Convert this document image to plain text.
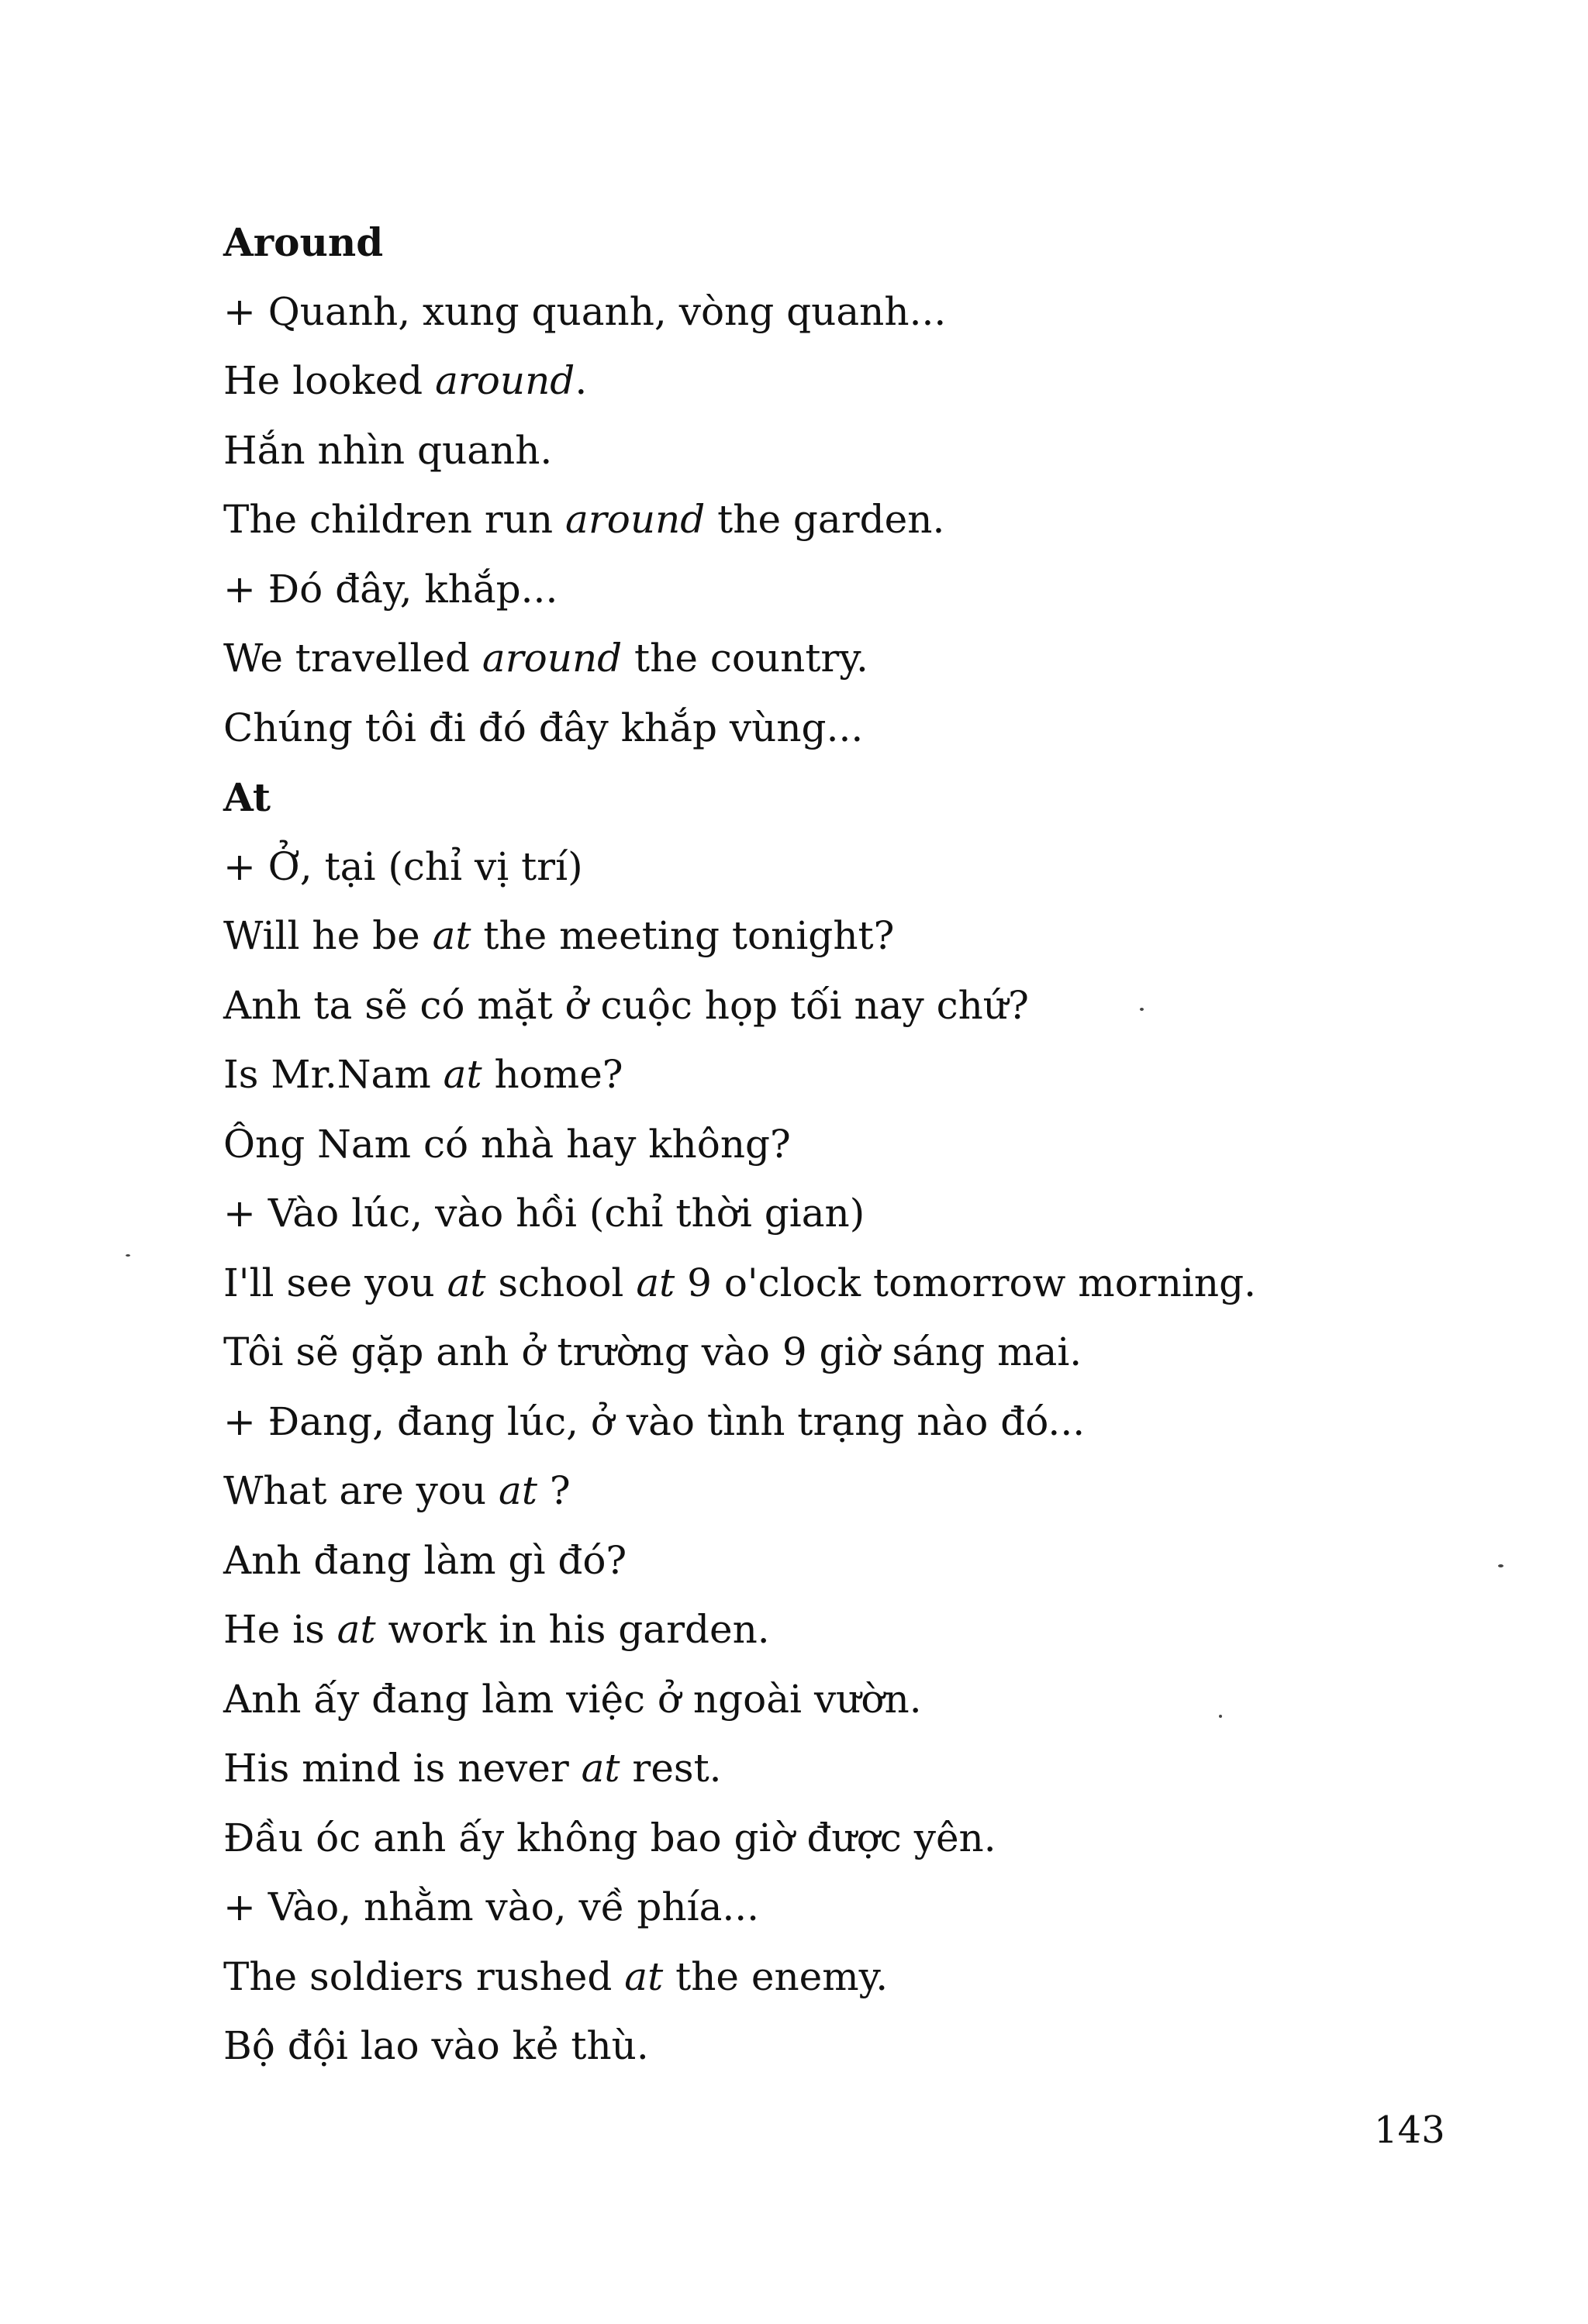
Around
+ Quanh, xung quanh, vòng quanh...
He looked around.
Hắn nhìn quanh.
The children run around the garden.
+ Đó đây, khắp...
We travelled around the country.
Chúng tôi đi đó đây khắp vùng...
At
+ Ở, tại (chỉ vị trí)
Will he be at the meeting tonight?
Anh ta sẽ có mặt ở cuộc họp tối nay chứ?
Is Mr.Nam at home?
Ông Nam có nhà hay không?
+ Vào lúc, vào hồi (chỉ thời gian)
I'll see you at school at 9 o'clock tomorrow morning.
Tôi sẽ gặp anh ở trường vào 9 giờ sáng mai.
+ Đang, đang lúc, ở vào tình trạng nào đó...
What are you at ?
Anh đang làm gì đó?
He is at work in his garden.
Anh ấy đang làm việc ở ngoài vườn.
His mind is never at rest.
Đầu óc anh ấy không bao giờ được yên.
+ Vào, nhằm vào, về phía...
The soldiers rushed at the enemy.
Bộ đội lao vào kẻ thù.
143
